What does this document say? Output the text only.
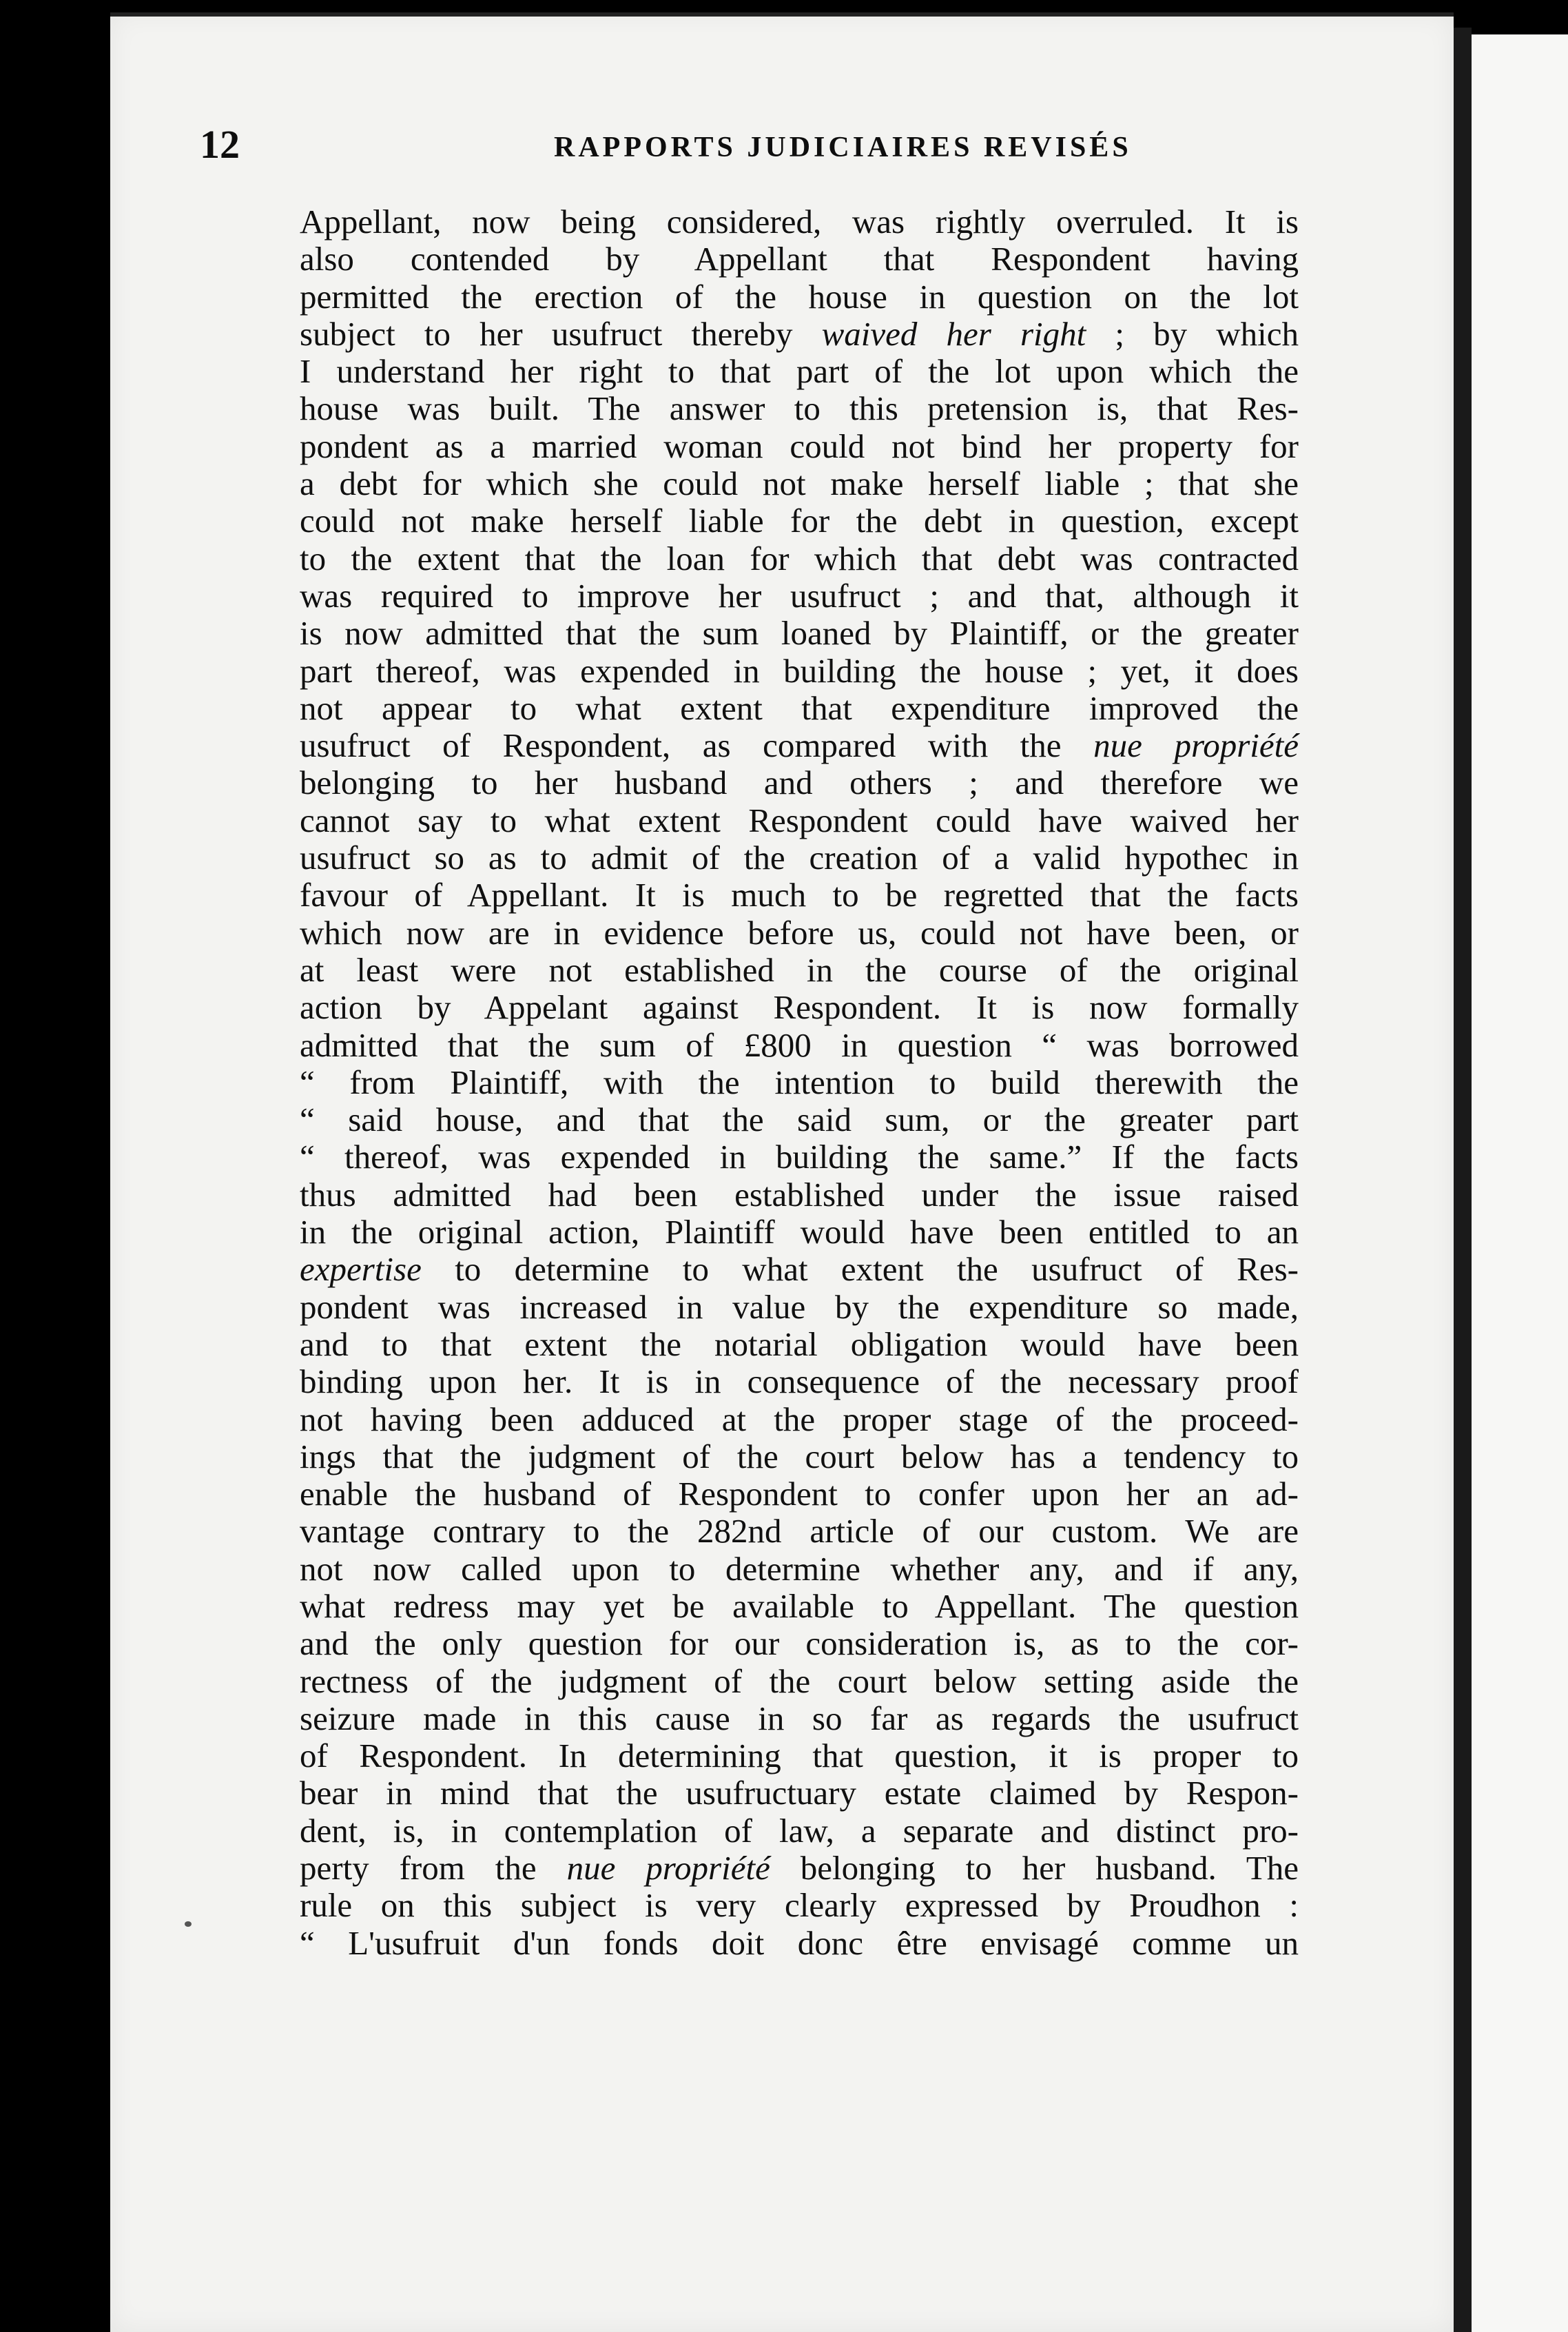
12	RAPPORTS JUDICIAIRES REVISÉS
Appellant, now being considered, was rightly overruled. It is
also contended by Appellant that Respondent having
permitted the erection of the house in question on the lot
subject to her usufruct thereby waived her right ; by which
I understand her right to that part of the lot upon which the
house was built. The answer to this pretension is, that Res-
pondent as a married woman could not bind her property for
a debt for which she could not make herself liable ; that she
could not make herself liable for the debt in question, except
to the extent that the loan for which that debt was contracted
was required to improve her usufruct ; and that, although it
is now admitted that the sum loaned by Plaintiff, or the greater
part thereof, was expended in building the house ; yet, it does
not appear to what extent that expenditure improved the
usufruct of Respondent, as compared with the nue propriété
belonging to her husband and others ; and therefore we
cannot say to what extent Respondent could have waived her
usufruct so as to admit of the creation of a valid hypothec in
favour of Appellant. It is much to be regretted that the facts
which now are in evidence before us, could not have been, or
at least were not established in the course of the original
action by Appelant against Respondent. It is now formally
admitted that the sum of £800 in question “ was borrowed
“ from Plaintiff, with the intention to build therewith the
“ said house, and that the said sum, or the greater part
“ thereof, was expended in building the same.” If the facts
thus admitted had been established under the issue raised
in the original action, Plaintiff would have been entitled to an
expertise to determine to what extent the usufruct of Res-
pondent was increased in value by the expenditure so made,
and to that extent the notarial obligation would have been
binding upon her. It is in consequence of the necessary proof
not having been adduced at the proper stage of the proceed-
ings that the judgment of the court below has a tendency to
enable the husband of Respondent to confer upon her an ad-
vantage contrary to the 282nd article of our custom. We are
not now called upon to determine whether any, and if any,
what redress may yet be available to Appellant. The question
and the only question for our consideration is, as to the cor-
rectness of the judgment of the court below setting aside the
seizure made in this cause in so far as regards the usufruct
of Respondent. In determining that question, it is proper to
bear in mind that the usufructuary estate claimed by Respon-
dent, is, in contemplation of law, a separate and distinct pro-
perty from the nue propriété belonging to her husband. The
rule on this subject is very clearly expressed by Proudhon :
“ L'usufruit d'un fonds doit donc être envisagé comme un
